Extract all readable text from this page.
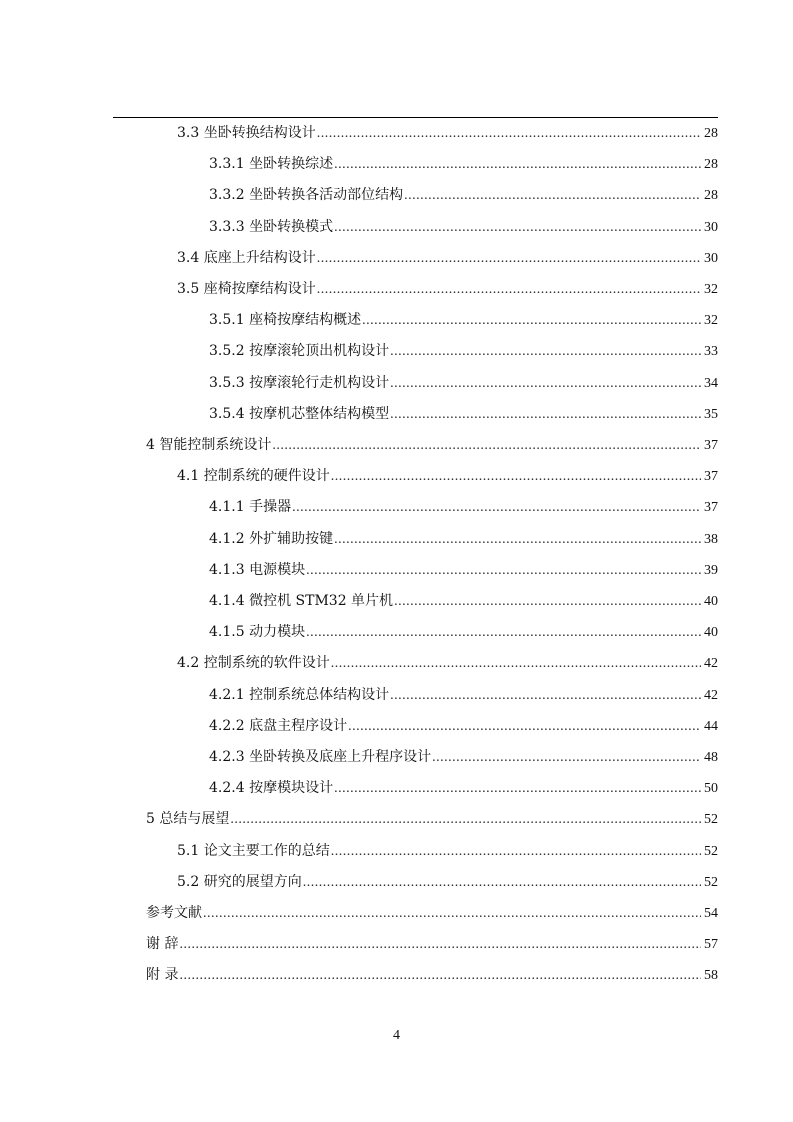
3.3 坐卧转换结构设计 .....	28
3.3.1 坐卧转换综述 .....	28
3.3.2 坐卧转换各活动部位结构 .....	28
3.3.3 坐卧转换模式 .....	30
3.4 底座上升结构设计 .....	30
3.5 座椅按摩结构设计 .....	32
3.5.1 座椅按摩结构概述 .....	32
3.5.2 按摩滚轮顶出机构设计 .....	33
3.5.3 按摩滚轮行走机构设计 .....	34
3.5.4 按摩机芯整体结构模型 .....	35
4 智能控制系统设计 .....	37
4.1 控制系统的硬件设计 .....	37
4.1.1 手操器 .....	37
4.1.2 外扩辅助按键 .....	38
4.1.3 电源模块 .....	39
4.1.4 微控机 STM32 单片机 .....	40
4.1.5 动力模块 .....	40
4.2 控制系统的软件设计 .....	42
4.2.1 控制系统总体结构设计 .....	42
4.2.2 底盘主程序设计 .....	44
4.2.3 坐卧转换及底座上升程序设计 .....	48
4.2.4 按摩模块设计 .....	50
5 总结与展望 .....	52
5.1 论文主要工作的总结 .....	52
5.2 研究的展望方向 .....	52
参考文献 .....	54
谢 辞 .....	57
附 录 .....	58
4
